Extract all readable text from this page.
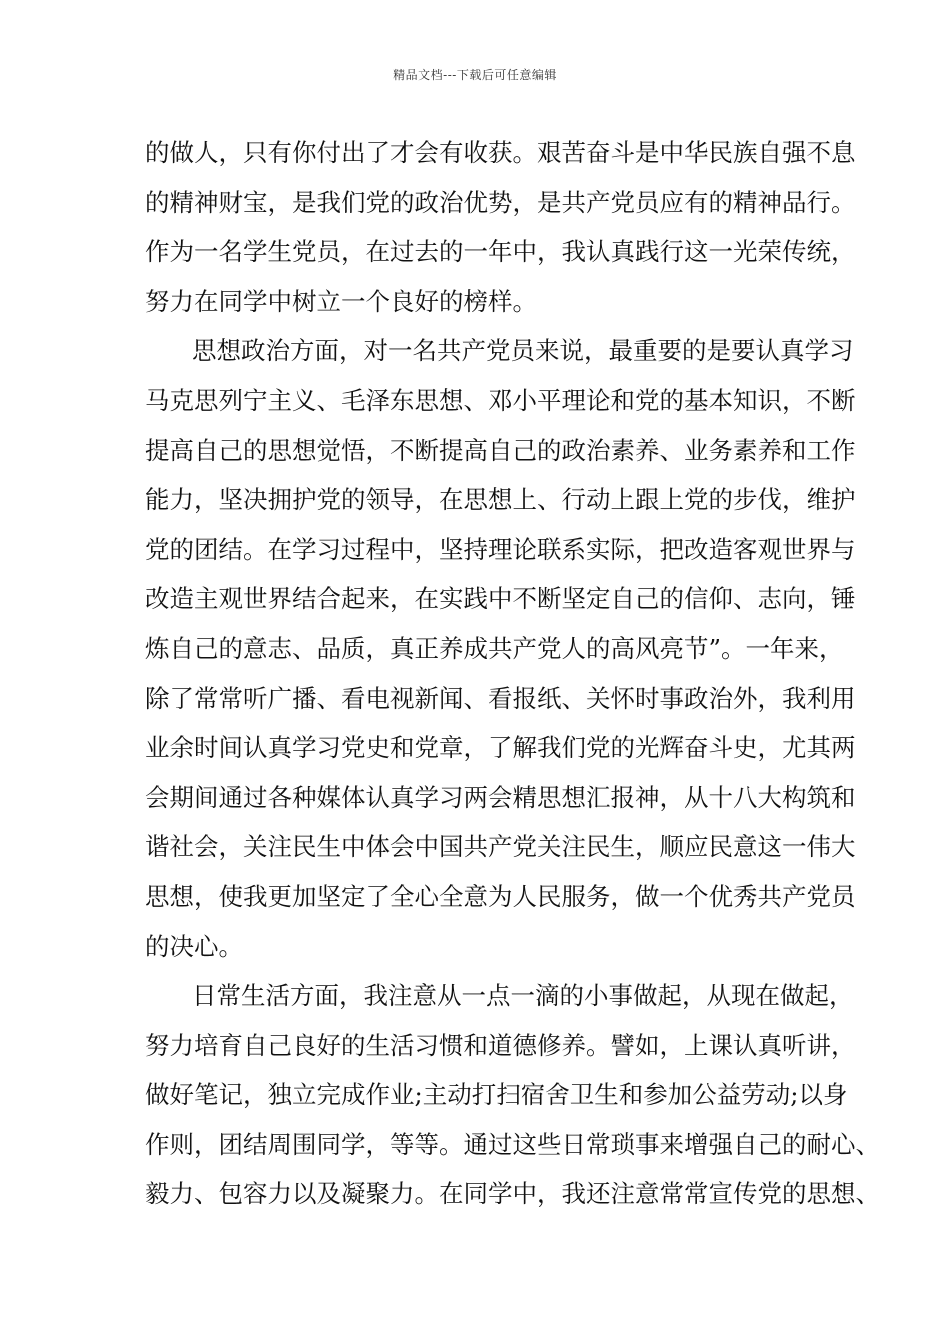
精品文档---下载后可任意编辑
的做人，只有你付出了才会有收获。艰苦奋斗是中华民族自强不息
的精神财宝，是我们党的政治优势，是共产党员应有的精神品行。
作为一名学生党员，在过去的一年中，我认真践行这一光荣传统，
努力在同学中树立一个良好的榜样。
思想政治方面，对一名共产党员来说，最重要的是要认真学习
马克思列宁主义、毛泽东思想、邓小平理论和党的基本知识，不断
提高自己的思想觉悟，不断提高自己的政治素养、业务素养和工作
能力，坚决拥护党的领导，在思想上、行动上跟上党的步伐，维护
党的团结。在学习过程中，坚持理论联系实际，把改造客观世界与
改造主观世界结合起来，在实践中不断坚定自己的信仰、志向，锤
炼自己的意志、品质，真正养成共产党人的高风亮节”。一年来，
除了常常听广播、看电视新闻、看报纸、关怀时事政治外，我利用
业余时间认真学习党史和党章，了解我们党的光辉奋斗史，尤其两
会期间通过各种媒体认真学习两会精思想汇报神，从十八大构筑和
谐社会，关注民生中体会中国共产党关注民生，顺应民意这一伟大
思想，使我更加坚定了全心全意为人民服务，做一个优秀共产党员
的决心。
日常生活方面，我注意从一点一滴的小事做起，从现在做起，
努力培育自己良好的生活习惯和道德修养。譬如，上课认真听讲，
做好笔记，独立完成作业;主动打扫宿舍卫生和参加公益劳动;以身
作则，团结周围同学，等等。通过这些日常琐事来增强自己的耐心、
毅力、包容力以及凝聚力。在同学中，我还注意常常宣传党的思想、
